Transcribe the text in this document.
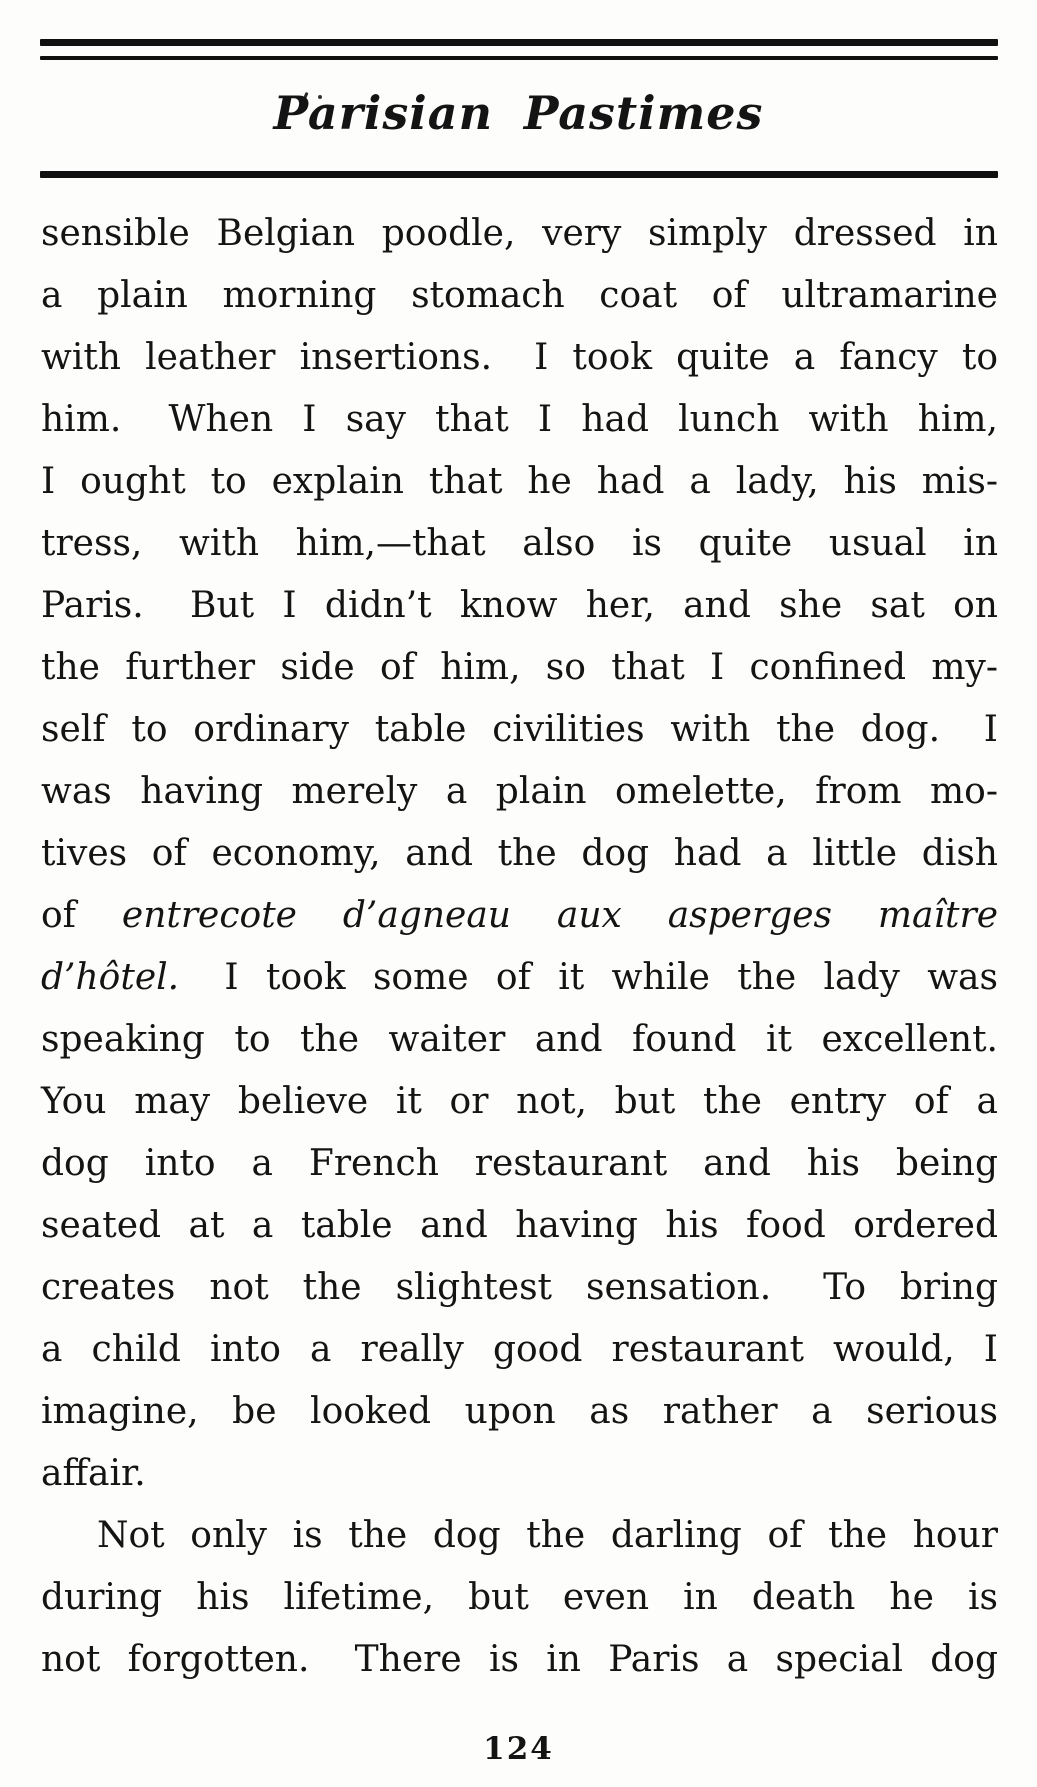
Parisian Pastimes
sensible Belgian poodle, very simply dressed in
a plain morning stomach coat of ultramarine
with leather insertions.  I took quite a fancy to
him.  When I say that I had lunch with him,
I ought to explain that he had a lady, his mis-
tress, with him,—that also is quite usual in
Paris.  But I didn’t know her, and she sat on
the further side of him, so that I confined my-
self to ordinary table civilities with the dog.  I
was having merely a plain omelette, from mo-
tives of economy, and the dog had a little dish
of entrecote d’agneau aux asperges maître
d’hôtel.  I took some of it while the lady was
speaking to the waiter and found it excellent.
You may believe it or not, but the entry of a
dog into a French restaurant and his being
seated at a table and having his food ordered
creates not the slightest sensation.  To bring
a child into a really good restaurant would, I
imagine, be looked upon as rather a serious
affair.
Not only is the dog the darling of the hour
during his lifetime, but even in death he is
not forgotten.  There is in Paris a special dog
124
